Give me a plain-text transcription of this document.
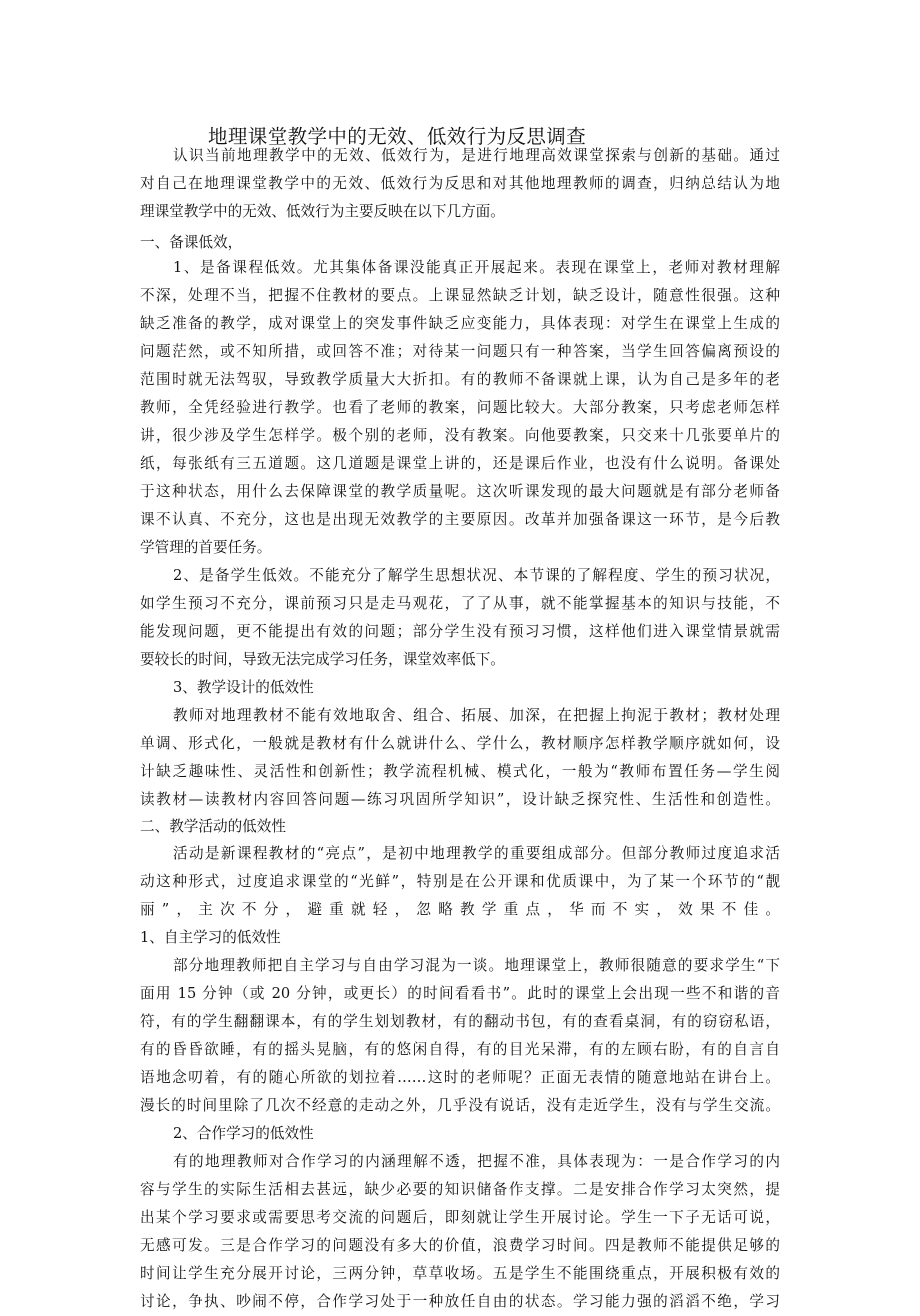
地理课堂教学中的无效、低效行为反思调查
认识当前地理教学中的无效、低效行为，是进行地理高效课堂探索与创新的基础。通过
对自己在地理课堂教学中的无效、低效行为反思和对其他地理教师的调查，归纳总结认为地
理课堂教学中的无效、低效行为主要反映在以下几方面。
一、备课低效，
1、是备课程低效。尤其集体备课没能真正开展起来。表现在课堂上，老师对教材理解
不深，处理不当，把握不住教材的要点。上课显然缺乏计划，缺乏设计，随意性很强。这种
缺乏准备的教学，成对课堂上的突发事件缺乏应变能力，具体表现：对学生在课堂上生成的
问题茫然，或不知所措，或回答不准；对待某一问题只有一种答案，当学生回答偏离预设的
范围时就无法驾驭，导致教学质量大大折扣。有的教师不备课就上课，认为自己是多年的老
教师，全凭经验进行教学。也看了老师的教案，问题比较大。大部分教案，只考虑老师怎样
讲，很少涉及学生怎样学。极个别的老师，没有教案。向他要教案，只交来十几张要单片的
纸，每张纸有三五道题。这几道题是课堂上讲的，还是课后作业，也没有什么说明。备课处
于这种状态，用什么去保障课堂的教学质量呢。这次听课发现的最大问题就是有部分老师备
课不认真、不充分，这也是出现无效教学的主要原因。改革并加强备课这一环节，是今后教
学管理的首要任务。
2、是备学生低效。不能充分了解学生思想状况、本节课的了解程度、学生的预习状况，
如学生预习不充分，课前预习只是走马观花，了了从事，就不能掌握基本的知识与技能，不
能发现问题，更不能提出有效的问题；部分学生没有预习习惯，这样他们进入课堂情景就需
要较长的时间，导致无法完成学习任务，课堂效率低下。
3、教学设计的低效性
教师对地理教材不能有效地取舍、组合、拓展、加深，在把握上拘泥于教材；教材处理
单调、形式化，一般就是教材有什么就讲什么、学什么，教材顺序怎样教学顺序就如何，设
计缺乏趣味性、灵活性和创新性；教学流程机械、模式化，一般为“教师布置任务—学生阅
读教材—读教材内容回答问题—练习巩固所学知识”，设计缺乏探究性、生活性和创造性。
二、教学活动的低效性
活动是新课程教材的“亮点”，是初中地理教学的重要组成部分。但部分教师过度追求活
动这种形式，过度追求课堂的“光鲜”，特别是在公开课和优质课中，为了某一个环节的“靓
丽”，主次不分，避重就轻，忽略教学重点，华而不实，效果不佳。
1、自主学习的低效性
部分地理教师把自主学习与自由学习混为一谈。地理课堂上，教师很随意的要求学生“下
面用 15 分钟（或 20 分钟，或更长）的时间看看书”。此时的课堂上会出现一些不和谐的音
符，有的学生翻翻课本，有的学生划划教材，有的翻动书包，有的查看桌洞，有的窃窃私语，
有的昏昏欲睡，有的摇头晃脑，有的悠闲自得，有的目光呆滞，有的左顾右盼，有的自言自
语地念叨着，有的随心所欲的划拉着……这时的老师呢？正面无表情的随意地站在讲台上。
漫长的时间里除了几次不经意的走动之外，几乎没有说话，没有走近学生，没有与学生交流。
2、合作学习的低效性
有的地理教师对合作学习的内涵理解不透，把握不准，具体表现为：一是合作学习的内
容与学生的实际生活相去甚远，缺少必要的知识储备作支撑。二是安排合作学习太突然，提
出某个学习要求或需要思考交流的问题后，即刻就让学生开展讨论。学生一下子无话可说，
无感可发。三是合作学习的问题没有多大的价值，浪费学习时间。四是教师不能提供足够的
时间让学生充分展开讨论，三两分钟，草草收场。五是学生不能围绕重点，开展积极有效的
讨论，争执、吵闹不停，合作学习处于一种放任自由的状态。学习能力强的滔滔不绝，学习
